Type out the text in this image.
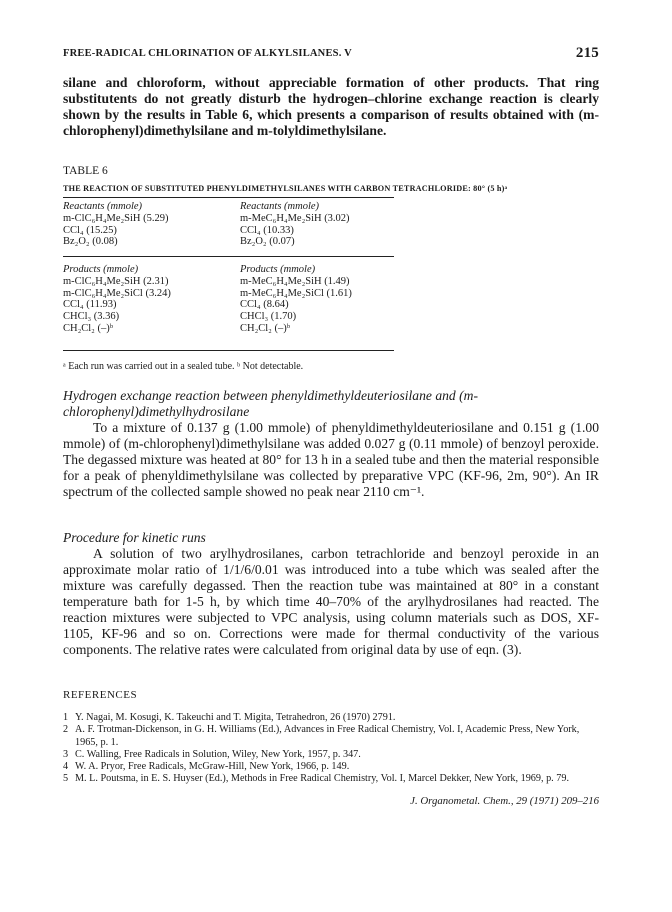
FREE-RADICAL CHLORINATION OF ALKYLSILANES. V	215
silane and chloroform, without appreciable formation of other products. That ring substitutents do not greatly disturb the hydrogen–chlorine exchange reaction is clearly shown by the results in Table 6, which presents a comparison of results obtained with (m-chlorophenyl)dimethylsilane and m-tolyldimethylsilane.
TABLE 6
THE REACTION OF SUBSTITUTED PHENYLDIMETHYLSILANES WITH CARBON TETRACHLORIDE: 80° (5 h)ᵃ
Reactants (mmole)
m-ClC₆H₄Me₂SiH (5.29)
CCl₄ (15.25)
Bz₂O₂ (0.08)
Reactants (mmole)
m-MeC₆H₄Me₂SiH (3.02)
CCl₄ (10.33)
Bz₂O₂ (0.07)
Products (mmole)
m-ClC₆H₄Me₂SiH (2.31)
m-ClC₆H₄Me₂SiCl (3.24)
CCl₄ (11.93)
CHCl₃ (3.36)
CH₂Cl₂ (–)ᵇ
Products (mmole)
m-MeC₆H₄Me₂SiH (1.49)
m-MeC₆H₄Me₂SiCl (1.61)
CCl₄ (8.64)
CHCl₃ (1.70)
CH₂Cl₂ (–)ᵇ
ᵃ Each run was carried out in a sealed tube. ᵇ Not detectable.
Hydrogen exchange reaction between phenyldimethyldeuteriosilane and (m-chlorophenyl)dimethylhydrosilane
To a mixture of 0.137 g (1.00 mmole) of phenyldimethyldeuteriosilane and 0.151 g (1.00 mmole) of (m-chlorophenyl)dimethylsilane was added 0.027 g (0.11 mmole) of benzoyl peroxide. The degassed mixture was heated at 80° for 13 h in a sealed tube and then the material responsible for a peak of phenyldimethylsilane was collected by preparative VPC (KF-96, 2m, 90°). An IR spectrum of the collected sample showed no peak near 2110 cm⁻¹.
Procedure for kinetic runs
A solution of two arylhydrosilanes, carbon tetrachloride and benzoyl peroxide in an approximate molar ratio of 1/1/6/0.01 was introduced into a tube which was sealed after the mixture was carefully degassed. Then the reaction tube was maintained at 80° in a constant temperature bath for 1-5 h, by which time 40–70% of the arylhydrosilanes had reacted. The reaction mixtures were subjected to VPC analysis, using column materials such as DOS, XF-1105, KF-96 and so on. Corrections were made for thermal conductivity of the various components. The relative rates were calculated from original data by use of eqn. (3).
REFERENCES
1 Y. Nagai, M. Kosugi, K. Takeuchi and T. Migita, Tetrahedron, 26 (1970) 2791.
2 A. F. Trotman-Dickenson, in G. H. Williams (Ed.), Advances in Free Radical Chemistry, Vol. I, Academic Press, New York, 1965, p. 1.
3 C. Walling, Free Radicals in Solution, Wiley, New York, 1957, p. 347.
4 W. A. Pryor, Free Radicals, McGraw-Hill, New York, 1966, p. 149.
5 M. L. Poutsma, in E. S. Huyser (Ed.), Methods in Free Radical Chemistry, Vol. I, Marcel Dekker, New York, 1969, p. 79.
J. Organometal. Chem., 29 (1971) 209–216
